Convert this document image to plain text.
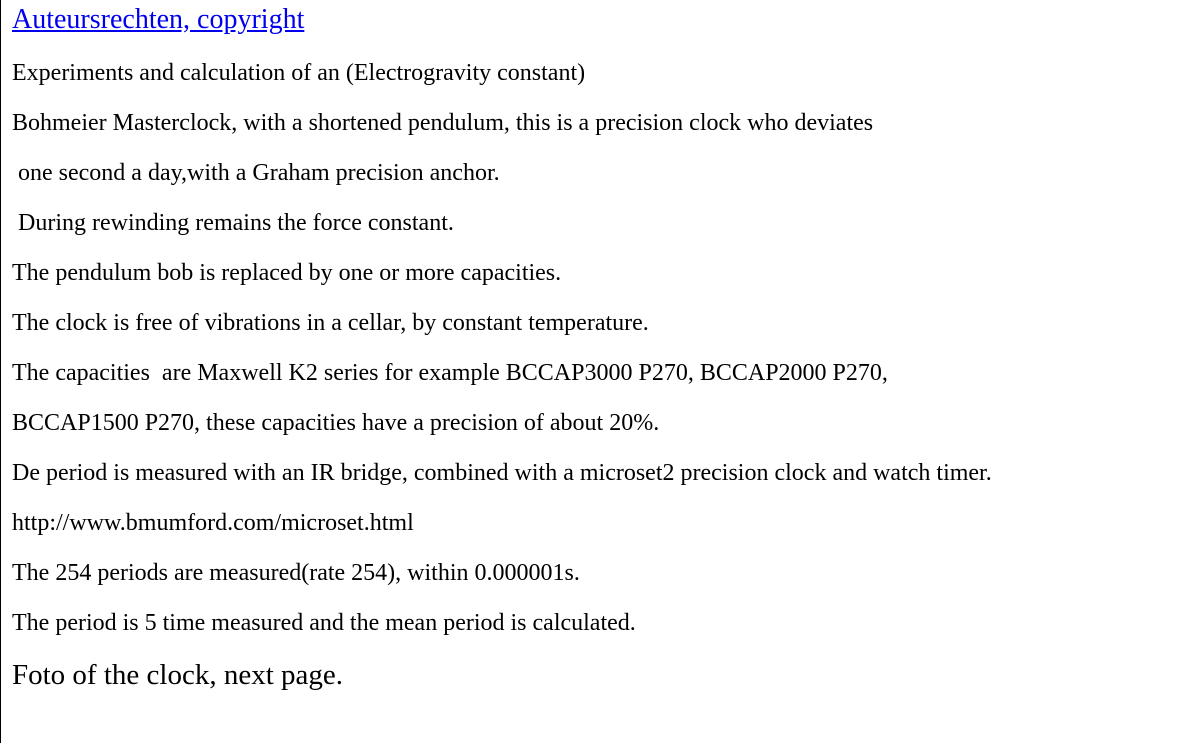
Auteursrechten, copyright

Experiments and calculation of an (Electrogravity constant)

Bohmeier Masterclock, with a shortened pendulum, this is a precision clock who deviates

one second a day,with a Graham precision anchor.

During rewinding remains the force constant.

The pendulum bob is replaced by one or more capacities.

The clock is free of vibrations in a cellar, by constant temperature.

The capacities  are Maxwell K2 series for example BCCAP3000 P270, BCCAP2000 P270,

BCCAP1500 P270, these capacities have a precision of about 20%.

De period is measured with an IR bridge, combined with a microset2 precision clock and watch timer.

http://www.bmumford.com/microset.html

The 254 periods are measured(rate 254), within 0.000001s.

The period is 5 time measured and the mean period is calculated.

Foto of the clock, next page.
